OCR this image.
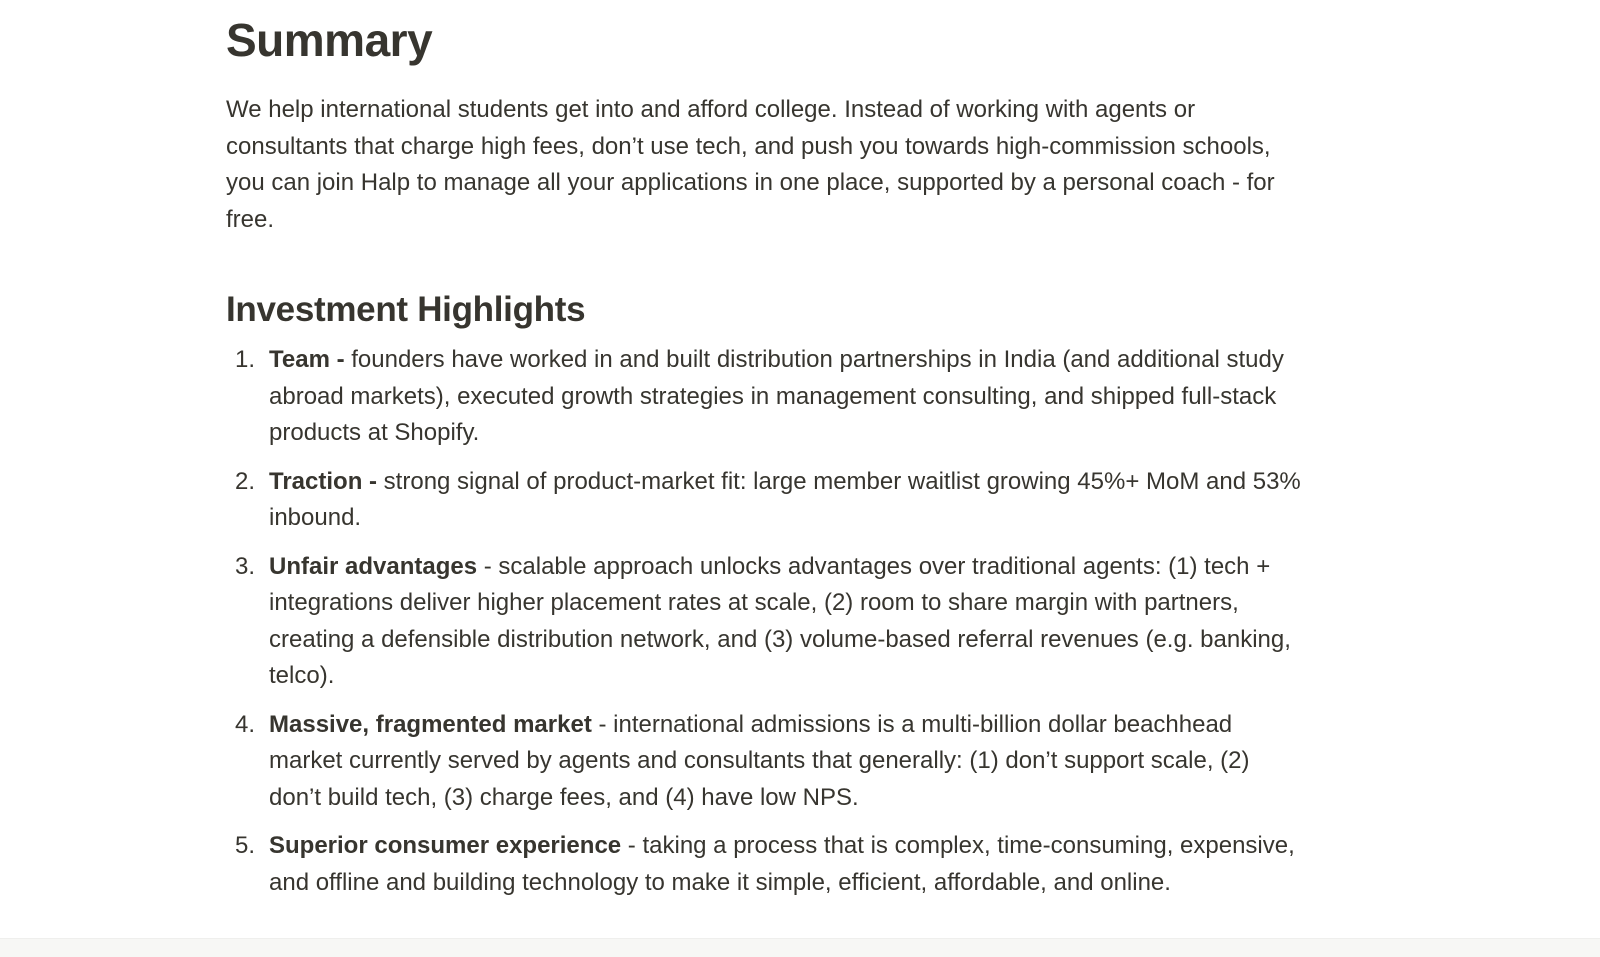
Summary

We help international students get into and afford college. Instead of working with agents or consultants that charge high fees, don’t use tech, and push you towards high-commission schools, you can join Halp to manage all your applications in one place, supported by a personal coach - for free.

Investment Highlights
1. Team - founders have worked in and built distribution partnerships in India (and additional study abroad markets), executed growth strategies in management consulting, and shipped full-stack products at Shopify.
2. Traction - strong signal of product-market fit: large member waitlist growing 45%+ MoM and 53% inbound.
3. Unfair advantages - scalable approach unlocks advantages over traditional agents: (1) tech + integrations deliver higher placement rates at scale, (2) room to share margin with partners, creating a defensible distribution network, and (3) volume-based referral revenues (e.g. banking, telco).
4. Massive, fragmented market - international admissions is a multi-billion dollar beachhead market currently served by agents and consultants that generally: (1) don’t support scale, (2) don’t build tech, (3) charge fees, and (4) have low NPS.
5. Superior consumer experience - taking a process that is complex, time-consuming, expensive, and offline and building technology to make it simple, efficient, affordable, and online.
